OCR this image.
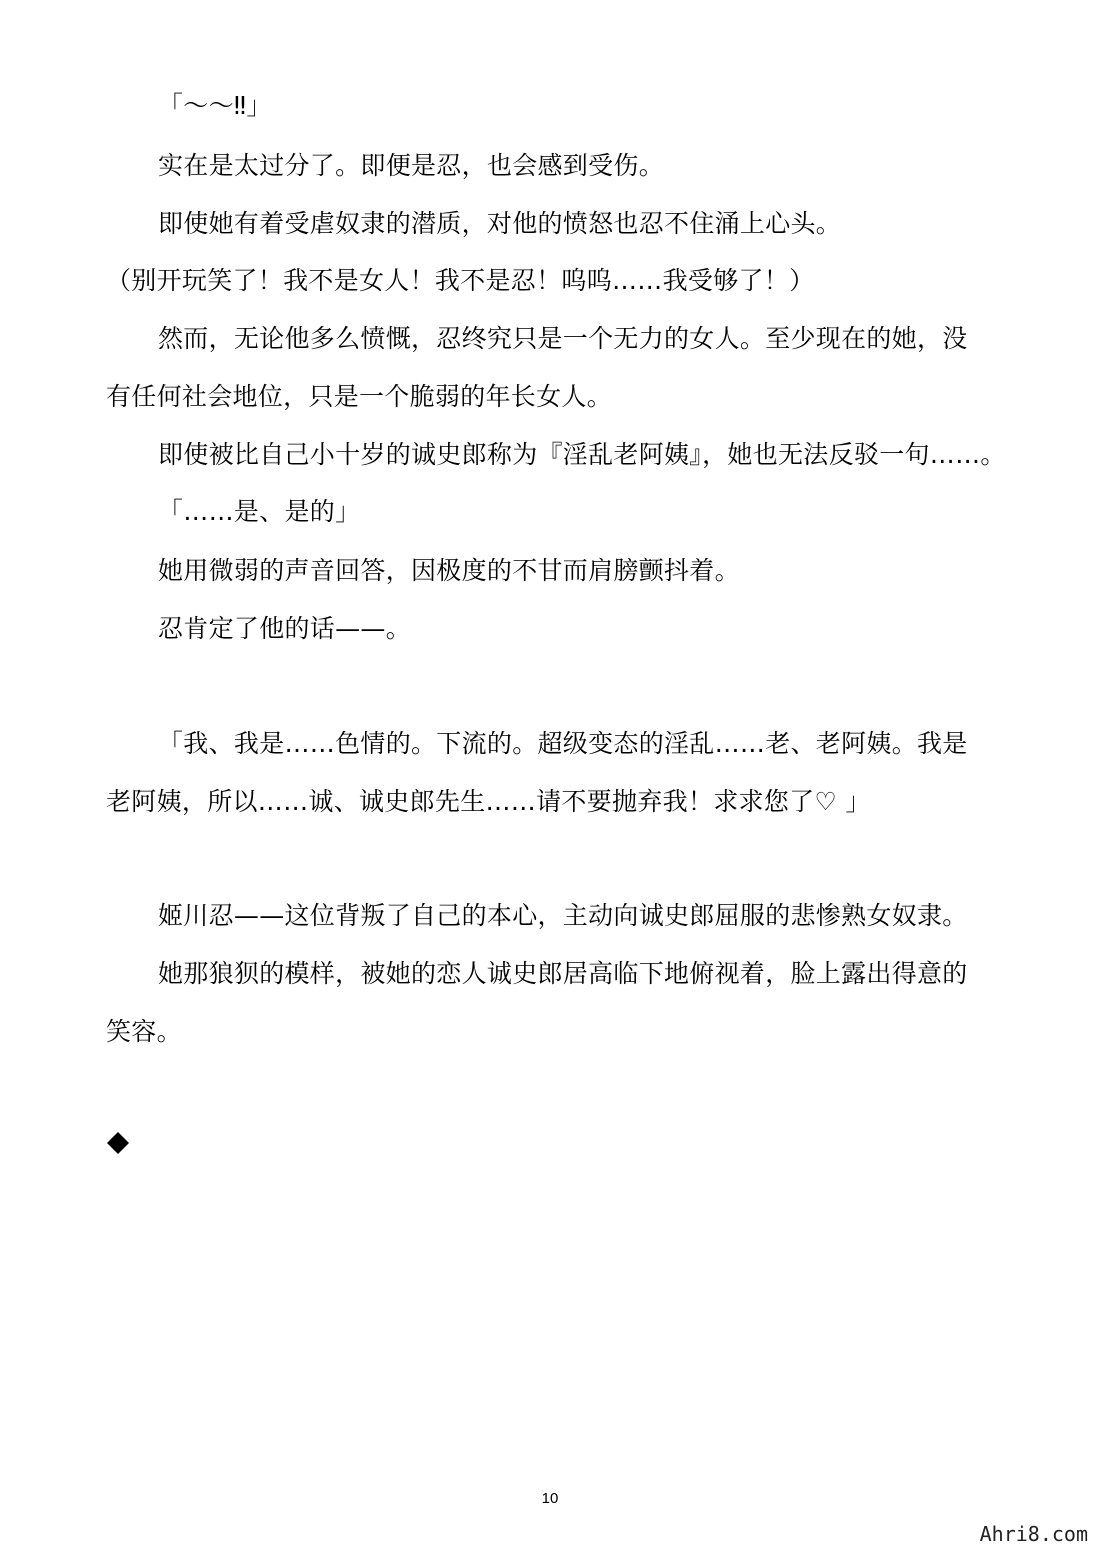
「～～‼」
实在是太过分了。即便是忍，也会感到受伤。
即使她有着受虐奴隶的潜质，对他的愤怒也忍不住涌上心头。
（别开玩笑了！我不是女人！我不是忍！呜呜……我受够了！）
然而，无论他多么愤慨，忍终究只是一个无力的女人。至少现在的她，没
有任何社会地位，只是一个脆弱的年长女人。
即使被比自己小十岁的诚史郎称为『淫乱老阿姨』，她也无法反驳一句……。
「……是、是的」
她用微弱的声音回答，因极度的不甘而肩膀颤抖着。
忍肯定了他的话——。
「我、我是……色情的。下流的。超级变态的淫乱……老、老阿姨。我是
老阿姨，所以……诚、诚史郎先生……请不要抛弃我！求求您了♡ 」
姬川忍——这位背叛了自己的本心，主动向诚史郎屈服的悲惨熟女奴隶。
她那狼狈的模样，被她的恋人诚史郎居高临下地俯视着，脸上露出得意的
笑容。
10
Ahri8.com
